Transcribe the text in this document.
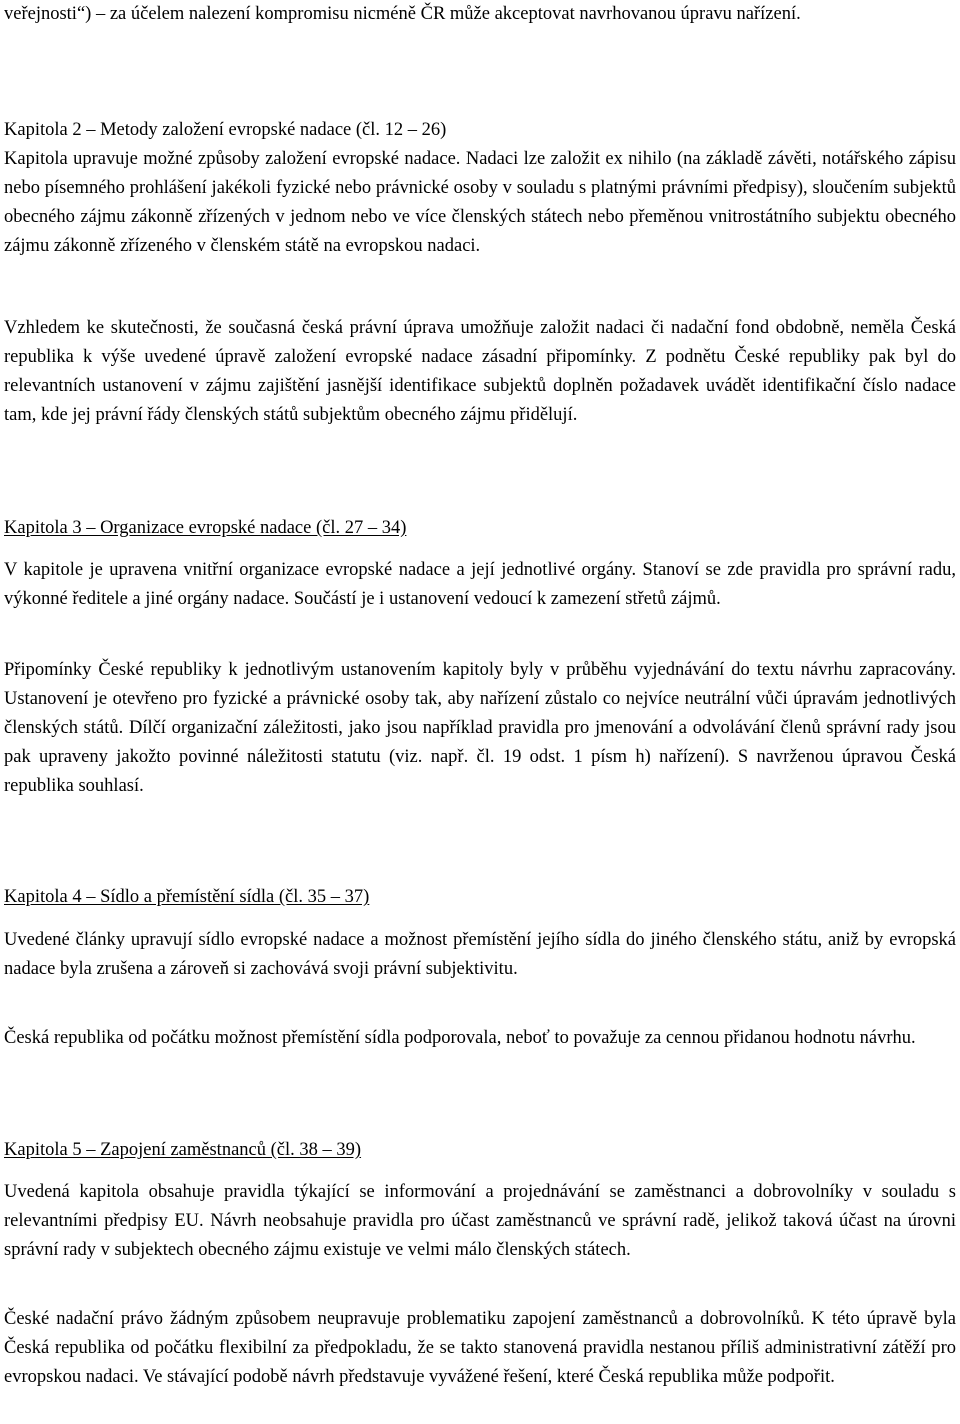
veřejnosti“) – za účelem nalezení kompromisu nicméně ČR může akceptovat navrhovanou úpravu nařízení.

Kapitola 2 – Metody založení evropské nadace (čl. 12 – 26)

Kapitola upravuje možné způsoby založení evropské nadace. Nadaci lze založit ex nihilo (na základě závěti, notářského zápisu nebo písemného prohlášení jakékoli fyzické nebo právnické osoby v souladu s platnými právními předpisy), sloučením subjektů obecného zájmu zákonně zřízených v jednom nebo ve více členských státech nebo přeměnou vnitrostátního subjektu obecného zájmu zákonně zřízeného v členském státě na evropskou nadaci.

Vzhledem ke skutečnosti, že současná česká právní úprava umožňuje založit nadaci či nadační fond obdobně, neměla Česká republika k výše uvedené úpravě založení evropské nadace zásadní připomínky. Z podnětu České republiky pak byl do relevantních ustanovení v zájmu zajištění jasnější identifikace subjektů doplněn požadavek uvádět identifikační číslo nadace tam, kde jej právní řády členských států subjektům obecného zájmu přidělují.

Kapitola 3 – Organizace evropské nadace (čl. 27 – 34)

V kapitole je upravena vnitřní organizace evropské nadace a její jednotlivé orgány. Stanoví se zde pravidla pro správní radu, výkonné ředitele a jiné orgány nadace. Součástí je i ustanovení vedoucí k zamezení střetů zájmů.

Připomínky České republiky k jednotlivým ustanovením kapitoly byly v průběhu vyjednávání do textu návrhu zapracovány. Ustanovení je otevřeno pro fyzické a právnické osoby tak, aby nařízení zůstalo co nejvíce neutrální vůči úpravám jednotlivých členských států. Dílčí organizační záležitosti, jako jsou například pravidla pro jmenování a odvolávání členů správní rady jsou pak upraveny jakožto povinné náležitosti statutu (viz. např. čl. 19 odst. 1 písm h) nařízení). S navrženou úpravou Česká republika souhlasí.

Kapitola 4 – Sídlo a přemístění sídla (čl. 35 – 37)

Uvedené články upravují sídlo evropské nadace a možnost přemístění jejího sídla do jiného členského státu, aniž by evropská nadace byla zrušena a zároveň si zachovává svoji právní subjektivitu.

Česká republika od počátku možnost přemístění sídla podporovala, neboť to považuje za cennou přidanou hodnotu návrhu.

Kapitola 5 – Zapojení zaměstnanců (čl. 38 – 39)

Uvedená kapitola obsahuje pravidla týkající se informování a projednávání se zaměstnanci a dobrovolníky v souladu s relevantními předpisy EU. Návrh neobsahuje pravidla pro účast zaměstnanců ve správní radě, jelikož taková účast na úrovni správní rady v subjektech obecného zájmu existuje ve velmi málo členských státech.

České nadační právo žádným způsobem neupravuje problematiku zapojení zaměstnanců a dobrovolníků. K této úpravě byla Česká republika od počátku flexibilní za předpokladu, že se takto stanovená pravidla nestanou příliš administrativní zátěží pro evropskou nadaci. Ve stávající podobě návrh představuje vyvážené řešení, které Česká republika může podpořit.
